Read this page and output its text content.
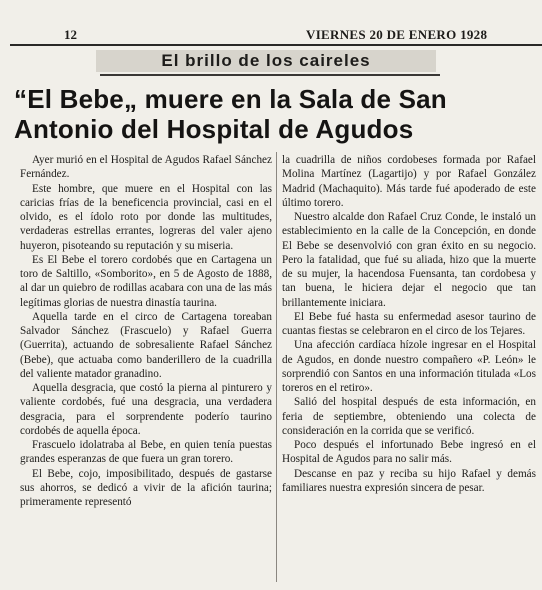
12	VIERNES 20 DE ENERO 1928
El brillo de los caireles
“El Bebe„ muere en la Sala de San
Antonio del Hospital de Agudos

Ayer murió en el Hospital de Agudos Rafael Sánchez Fernández.

Este hombre, que muere en el Hospital con las caricias frías de la beneficencia provincial, casi en el olvido, es el ídolo roto por donde las multitudes, verdaderas estrellas errantes, logreras del valer ajeno huyeron, pisoteando su reputación y su miseria.

Es El Bebe el torero cordobés que en Cartagena un toro de Saltillo, «Somborito», en 5 de Agosto de 1888, al dar un quiebro de rodillas acabara con una de las más legítimas glorias de nuestra dinastía taurina.

Aquella tarde en el circo de Cartagena toreaban Salvador Sánchez (Frascuelo) y Rafael Guerra (Guerrita), actuando de sobresaliente Rafael Sánchez (Bebe), que actuaba como banderillero de la cuadrilla del valiente matador granadino.

Aquella desgracia, que costó la pierna al pinturero y valiente cordobés, fué una desgracia, una verdadera desgracia, para el sorprendente poderío taurino cordobés de aquella época.

Frascuelo idolatraba al Bebe, en quien tenía puestas grandes esperanzas de que fuera un gran torero.

El Bebe, cojo, imposibilitado, después de gastarse sus ahorros, se dedicó a vivir de la afición taurina; primeramente representó

la cuadrilla de niños cordobeses formada por Rafael Molina Martínez (Lagartijo) y por Rafael González Madrid (Machaquito). Más tarde fué apoderado de este último torero.

Nuestro alcalde don Rafael Cruz Conde, le instaló un establecimiento en la calle de la Concepción, en donde El Bebe se desenvolvió con gran éxito en su negocio. Pero la fatalidad, que fué su aliada, hizo que la muerte de su mujer, la hacendosa Fuensanta, tan cordobesa y tan buena, le hiciera dejar el negocio que tan brillantemente iniciara.

El Bebe fué hasta su enfermedad asesor taurino de cuantas fiestas se celebraron en el circo de los Tejares.

Una afección cardíaca hízole ingresar en el Hospital de Agudos, en donde nuestro compañero «P. León» le sorprendió con Santos en una información titulada «Los toreros en el retiro».

Salió del hospital después de esta información, en feria de septiembre, obteniendo una colecta de consideración en la corrida que se verificó.

Poco después el infortunado Bebe ingresó en el Hospital de Agudos para no salir más.

Descanse en paz y reciba su hijo Rafael y demás familiares nuestra expresión sincera de pesar.
